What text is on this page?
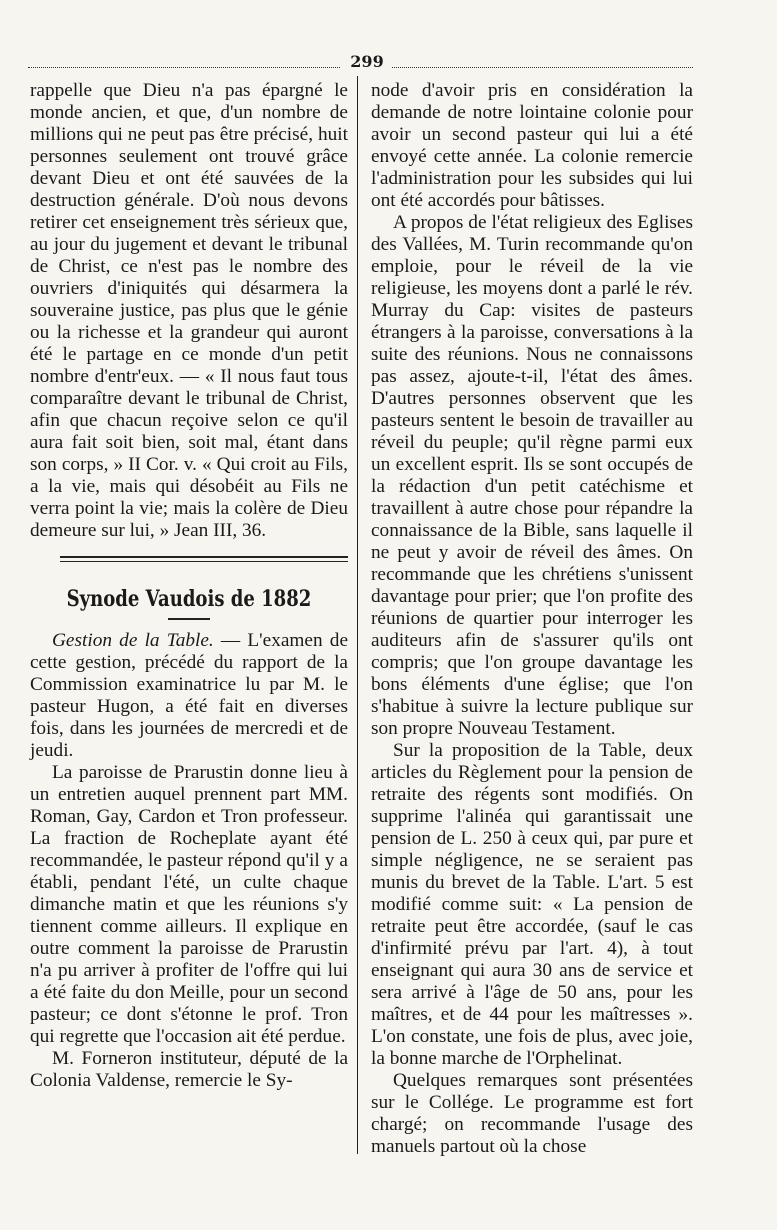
299

rappelle que Dieu n'a pas épargné le monde ancien, et que, d'un nombre de millions qui ne peut pas être précisé, huit personnes seulement ont trouvé grâce devant Dieu et ont été sauvées de la destruction générale. D'où nous devons retirer cet enseignement très sérieux que, au jour du jugement et devant le tribunal de Christ, ce n'est pas le nombre des ouvriers d'iniquités qui désarmera la souveraine justice, pas plus que le génie ou la richesse et la grandeur qui auront été le partage en ce monde d'un petit nombre d'entr'eux. — « Il nous faut tous comparaître devant le tribunal de Christ, afin que chacun reçoive selon ce qu'il aura fait soit bien, soit mal, étant dans son corps, » II Cor. v. « Qui croit au Fils, a la vie, mais qui désobéit au Fils ne verra point la vie; mais la colère de Dieu demeure sur lui, » Jean III, 36.

Synode Vaudois de 1882

Gestion de la Table. — L'examen de cette gestion, précédé du rapport de la Commission examinatrice lu par M. le pasteur Hugon, a été fait en diverses fois, dans les journées de mercredi et de jeudi.

La paroisse de Prarustin donne lieu à un entretien auquel prennent part MM. Roman, Gay, Cardon et Tron professeur. La fraction de Rocheplate ayant été recommandée, le pasteur répond qu'il y a établi, pendant l'été, un culte chaque dimanche matin et que les réunions s'y tiennent comme ailleurs. Il explique en outre comment la paroisse de Prarustin n'a pu arriver à profiter de l'offre qui lui a été faite du don Meille, pour un second pasteur; ce dont s'étonne le prof. Tron qui regrette que l'occasion ait été perdue.

M. Forneron instituteur, député de la Colonia Valdense, remercie le Sy-

node d'avoir pris en considération la demande de notre lointaine colonie pour avoir un second pasteur qui lui a été envoyé cette année. La colonie remercie l'administration pour les subsides qui lui ont été accordés pour bâtisses.

A propos de l'état religieux des Eglises des Vallées, M. Turin recommande qu'on emploie, pour le réveil de la vie religieuse, les moyens dont a parlé le rév. Murray du Cap: visites de pasteurs étrangers à la paroisse, conversations à la suite des réunions. Nous ne connaissons pas assez, ajoute-t-il, l'état des âmes. D'autres personnes observent que les pasteurs sentent le besoin de travailler au réveil du peuple; qu'il règne parmi eux un excellent esprit. Ils se sont occupés de la rédaction d'un petit catéchisme et travaillent à autre chose pour répandre la connaissance de la Bible, sans laquelle il ne peut y avoir de réveil des âmes. On recommande que les chrétiens s'unissent davantage pour prier; que l'on profite des réunions de quartier pour interroger les auditeurs afin de s'assurer qu'ils ont compris; que l'on groupe davantage les bons éléments d'une église; que l'on s'habitue à suivre la lecture publique sur son propre Nouveau Testament.

Sur la proposition de la Table, deux articles du Règlement pour la pension de retraite des régents sont modifiés. On supprime l'alinéa qui garantissait une pension de L. 250 à ceux qui, par pure et simple négligence, ne se seraient pas munis du brevet de la Table. L'art. 5 est modifié comme suit: « La pension de retraite peut être accordée, (sauf le cas d'infirmité prévu par l'art. 4), à tout enseignant qui aura 30 ans de service et sera arrivé à l'âge de 50 ans, pour les maîtres, et de 44 pour les maîtresses ». L'on constate, une fois de plus, avec joie, la bonne marche de l'Orphelinat.

Quelques remarques sont présentées sur le Collége. Le programme est fort chargé; on recommande l'usage des manuels partout où la chose
